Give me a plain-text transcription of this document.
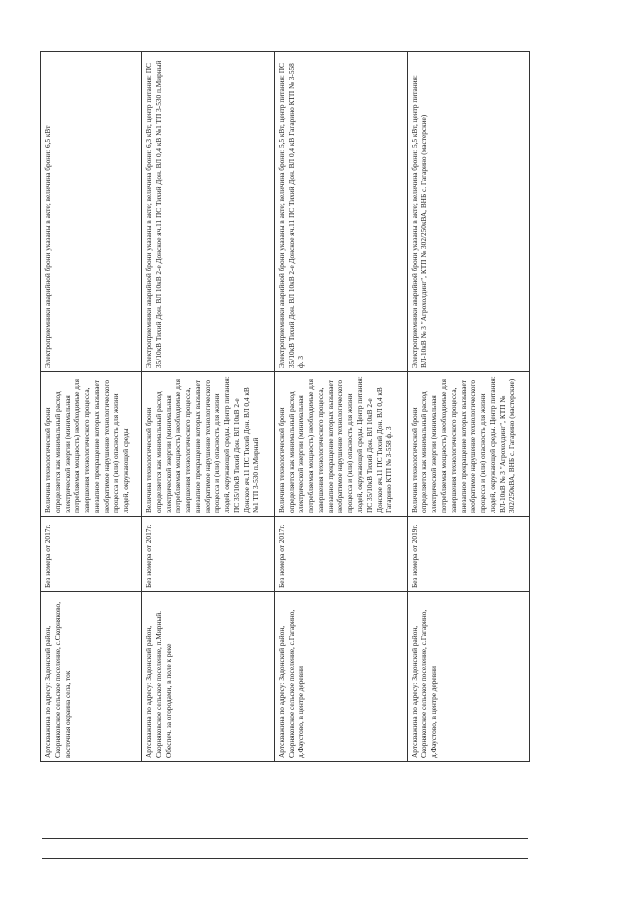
Артскважина по адресу: Задонский район, Скорняковское сельское поселение, с.Скорняково, восточная окраина села, ток	Без номера от 2017г.	Величина технологической брони определяется как минимальный расход электрической энергии (минимальная потребляемая мощность) необходимые для завершения технологического процесса, внезапное прекращение которых вызывает необратимое нарушение технологического процесса и (или) опасность для жизни людей, окружающей среды	Электроприемники аварийной брони указаны в акте; величина брони: 6,5 кВт
Артскважина по адресу: Задонский район, Скорняковское сельское поселение, п.Мирный. Обеспеч. за огородами, в поле к реке	Без номера от 2017г.	Величина технологической брони определяется как минимальный расход электрической энергии (минимальная потребляемая мощность) необходимые для завершения технологического процесса, внезапное прекращение которых вызывает необратимое нарушение технологического процесса и (или) опасность для жизни людей, окружающей среды. Центр питания: ПС 35/10кВ Тихий Дон. ВЛ 10кВ 2-е Донское яч.11 ПС Тихий Дон. ВЛ 0,4 кВ №1 ТП 3-530 п.Мирный	Электроприемники аварийной брони указаны в акте; величина брони: 6,3 кВт, центр питания: ПС 35/10кВ Тихий Дон. ВЛ 10кВ 2-е Донское яч.11 ПС Тихий Дон. ВЛ 0,4 кВ №1 ТП 3-530 п.Мирный
Артскважина по адресу: Задонский район, Скорняковское сельское поселение, с.Гагарино, д.Фаустово, в центре деревни	Без номера от 2017г.	Величина технологической брони определяется как минимальный расход электрической энергии (минимальная потребляемая мощность) необходимые для завершения технологического процесса, внезапное прекращение которых вызывает необратимое нарушение технологического процесса и (или) опасность для жизни людей, окружающей среды. Центр питания: ПС 35/10кВ Тихий Дон. ВЛ 10кВ 2-е Донское яч.11 ПС Тихий Дон. ВЛ 0,4 кВ Гагарино КТП № 3-558 ф. 3	Электроприемники аварийной брони указаны в акте; величина брони: 5,5 кВт, центр питания: ПС 35/10кВ Тихий Дон. ВЛ 10кВ 2-е Донское яч.11 ПС Тихий Дон. ВЛ 0,4 кВ Гагарино КТП № 3-558 ф. 3
Артскважина по адресу: Задонский район, Скорняковское сельское поселение, с.Гагарино, д.Фаустово, в центре деревни	Без номера от 2019г.	Величина технологической брони определяется как минимальный расход электрической энергии (минимальная потребляемая мощность) необходимые для завершения технологического процесса, внезапное прекращение которых вызывает необратимое нарушение технологического процесса и (или) опасность для жизни людей, окружающей среды. Центр питания: ВЛ-10кВ № 3 "Агрохолдинг", КТП № 302/250кВА, ВНБ с. Гагарино (мастерские)	Электроприемники аварийной брони указаны в акте; величина брони: 5,5 кВт, центр питания: ВЛ-10кВ № 3 "Агрохолдинг", КТП № 302/250кВА, ВНБ с. Гагарино (мастерские)
